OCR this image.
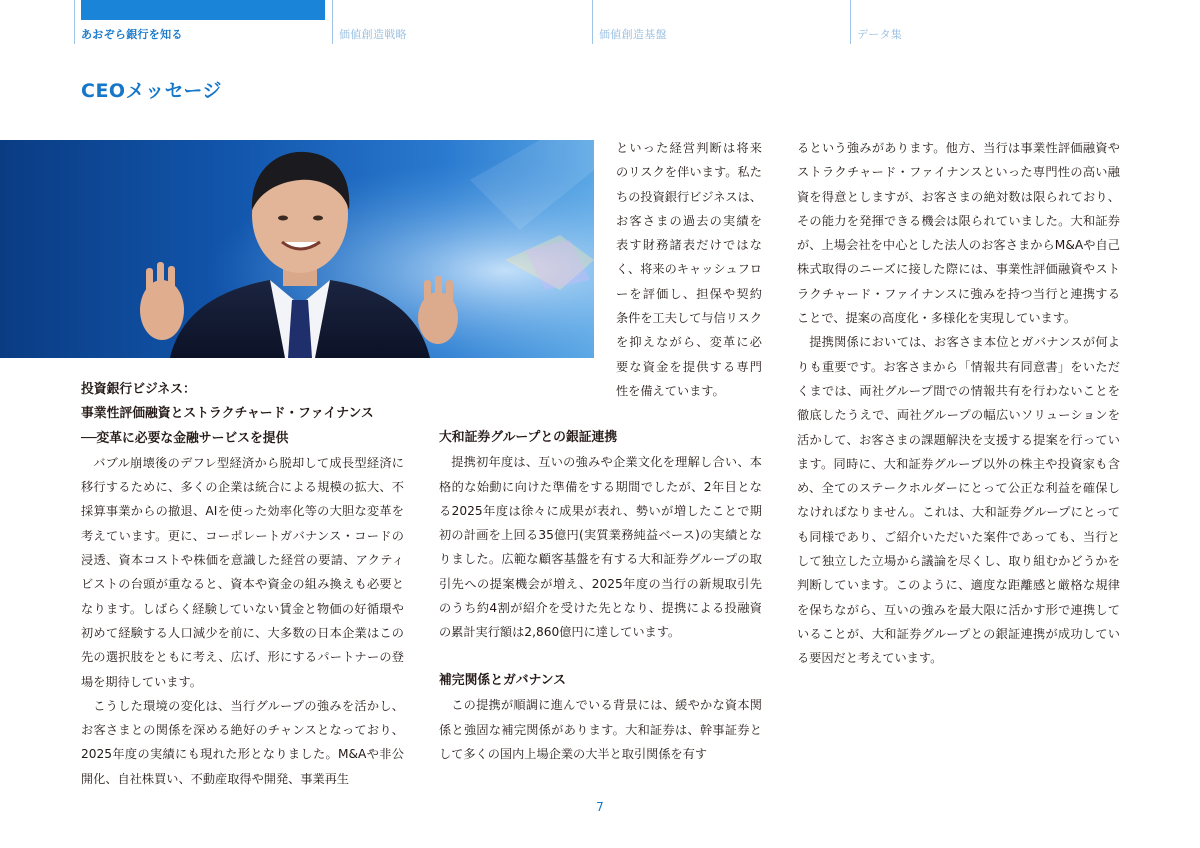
あおぞら銀行を知る	価値創造戦略	価値創造基盤	データ集
CEOメッセージ

といった経営判断は将来のリスクを伴います。私たちの投資銀行ビジネスは、お客さまの過去の実績を表す財務諸表だけではなく、将来のキャッシュフローを評価し、担保や契約条件を工夫して与信リスクを抑えながら、変革に必要な資金を提供する専門性を備えています。

投資銀行ビジネス：

事業性評価融資とストラクチャード・ファイナンス

──変革に必要な金融サービスを提供

バブル崩壊後のデフレ型経済から脱却して成長型経済に移行するために、多くの企業は統合による規模の拡大、不採算事業からの撤退、AIを使った効率化等の大胆な変革を考えています。更に、コーポレートガバナンス・コードの浸透、資本コストや株価を意識した経営の要請、アクティビストの台頭が重なると、資本や資金の組み換えも必要となります。しばらく経験していない賃金と物価の好循環や初めて経験する人口減少を前に、大多数の日本企業はこの先の選択肢をともに考え、広げ、形にするパートナーの登場を期待しています。

こうした環境の変化は、当行グループの強みを活かし、お客さまとの関係を深める絶好のチャンスとなっており、2025年度の実績にも現れた形となりました。M&Aや非公開化、自社株買い、不動産取得や開発、事業再生

大和証券グループとの銀証連携

提携初年度は、互いの強みや企業文化を理解し合い、本格的な始動に向けた準備をする期間でしたが、2年目となる2025年度は徐々に成果が表れ、勢いが増したことで期初の計画を上回る35億円(実質業務純益ベース)の実績となりました。広範な顧客基盤を有する大和証券グループの取引先への提案機会が増え、2025年度の当行の新規取引先のうち約4割が紹介を受けた先となり、提携による投融資の累計実行額は2,860億円に達しています。

補完関係とガバナンス

この提携が順調に進んでいる背景には、緩やかな資本関係と強固な補完関係があります。大和証券は、幹事証券として多くの国内上場企業の大半と取引関係を有す

るという強みがあります。他方、当行は事業性評価融資やストラクチャード・ファイナンスといった専門性の高い融資を得意としますが、お客さまの絶対数は限られており、その能力を発揮できる機会は限られていました。大和証券が、上場会社を中心とした法人のお客さまからM&Aや自己株式取得のニーズに接した際には、事業性評価融資やストラクチャード・ファイナンスに強みを持つ当行と連携することで、提案の高度化・多様化を実現しています。

提携関係においては、お客さま本位とガバナンスが何よりも重要です。お客さまから「情報共有同意書」をいただくまでは、両社グループ間での情報共有を行わないことを徹底したうえで、両社グループの幅広いソリューションを活かして、お客さまの課題解決を支援する提案を行っています。同時に、大和証券グループ以外の株主や投資家も含め、全てのステークホルダーにとって公正な利益を確保しなければなりません。これは、大和証券グループにとっても同様であり、ご紹介いただいた案件であっても、当行として独立した立場から議論を尽くし、取り組むかどうかを判断しています。このように、適度な距離感と厳格な規律を保ちながら、互いの強みを最大限に活かす形で連携していることが、大和証券グループとの銀証連携が成功している要因だと考えています。

7
